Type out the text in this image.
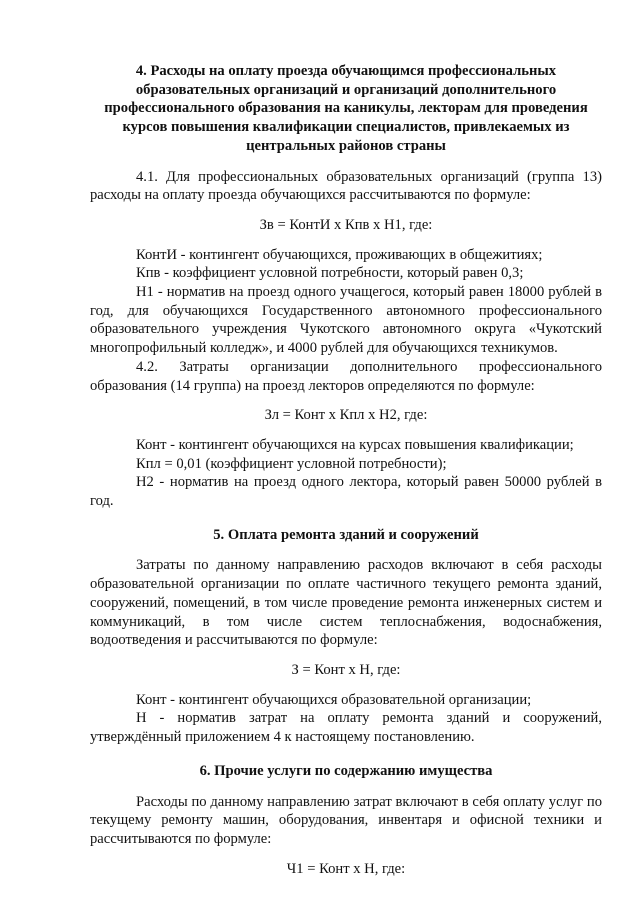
4. Расходы на оплату проезда обучающимся профессиональных образовательных организаций и организаций дополнительного профессионального образования на каникулы, лекторам для проведения курсов повышения квалификации специалистов, привлекаемых из центральных районов страны

4.1. Для профессиональных образовательных организаций (группа 13) расходы на оплату проезда обучающихся рассчитываются по формуле:

Зв = КонтИ х Кпв х Н1, где:

КонтИ - контингент обучающихся, проживающих в общежитиях;

Кпв - коэффициент условной потребности, который равен 0,3;

Н1 - норматив на проезд одного учащегося, который равен 18000 рублей в год, для обучающихся Государственного автономного профессионального образовательного учреждения Чукотского автономного округа «Чукотский многопрофильный колледж», и 4000 рублей для обучающихся техникумов.

4.2. Затраты организации дополнительного профессионального образования (14 группа) на проезд лекторов определяются по формуле:

Зл = Конт х Кпл х Н2, где:

Конт - контингент обучающихся на курсах повышения квалификации;

Кпл = 0,01 (коэффициент условной потребности);

Н2 - норматив на проезд одного лектора, который равен 50000 рублей в год.

5. Оплата ремонта зданий и сооружений

Затраты по данному направлению расходов включают в себя расходы образовательной организации по оплате частичного текущего ремонта зданий, сооружений, помещений, в том числе проведение ремонта инженерных систем и коммуникаций, в том числе систем теплоснабжения, водоснабжения, водоотведения и рассчитываются по формуле:

З = Конт х Н, где:

Конт - контингент обучающихся образовательной организации;

Н - норматив затрат на оплату ремонта зданий и сооружений, утверждённый приложением 4 к настоящему постановлению.

6. Прочие услуги по содержанию имущества

Расходы по данному направлению затрат включают в себя оплату услуг по текущему ремонту машин, оборудования, инвентаря и офисной техники и рассчитываются по формуле:

Ч1 = Конт х Н, где:
